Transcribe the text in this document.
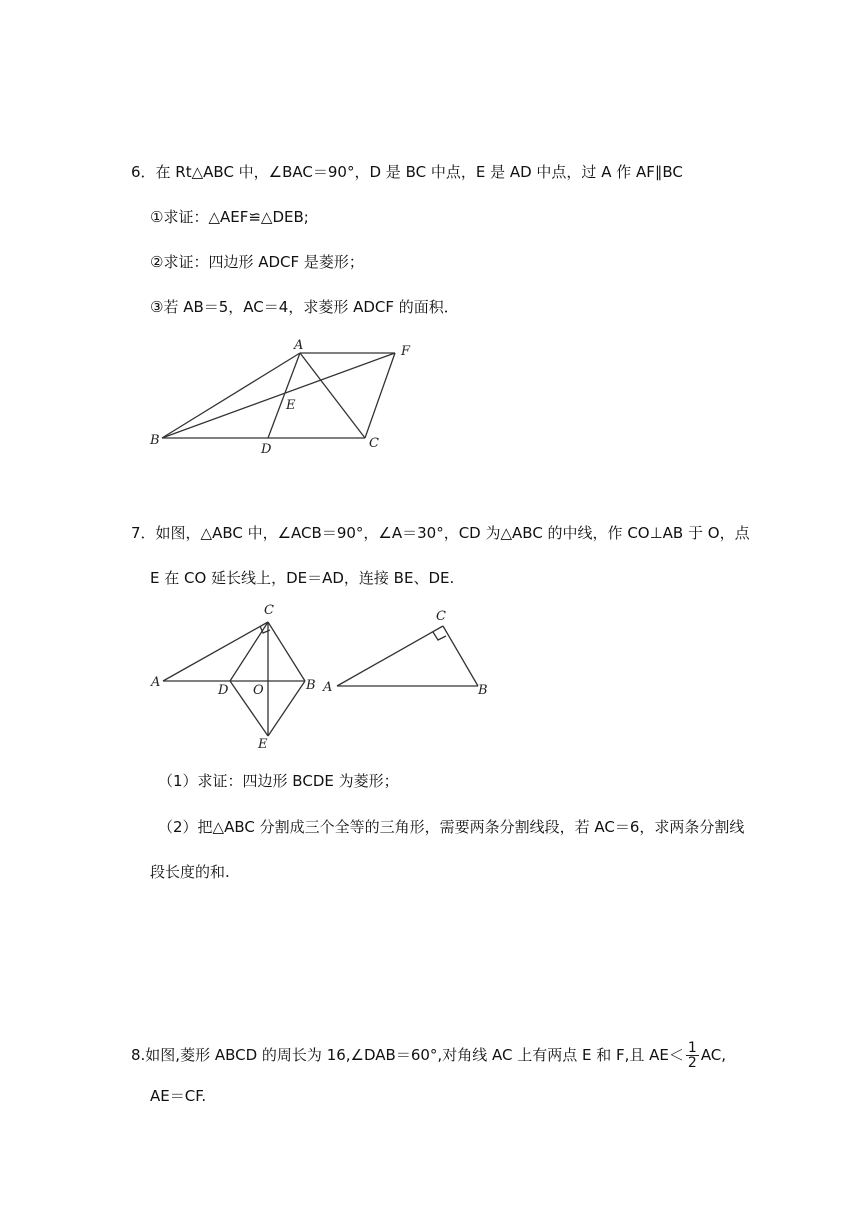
6．在 Rt△ABC 中，∠BAC＝90°，D 是 BC 中点，E 是 AD 中点，过 A 作 AF∥BC
①求证：△AEF≌△DEB;
②求证：四边形 ADCF 是菱形；
③若 AB＝5，AC＝4，求菱形 ADCF 的面积．
A	F
E
B
D	C
7．如图，△ABC 中，∠ACB＝90°，∠A＝30°，CD 为△ABC 的中线，作 CO⊥AB 于 O，点
E 在 CO 延长线上，DE＝AD，连接 BE、DE.
C
A
D O	B
E
C
A	B
（1）求证：四边形 BCDE 为菱形；
（2）把△ABC 分割成三个全等的三角形，需要两条分割线段，若 AC＝6，求两条分割线
段长度的和.
8.如图,菱形 ABCD 的周长为 16,∠DAB＝60°,对角线 AC 上有两点 E 和 F,且 $AE< \frac{1}{2}$ AC,
AE＝CF.
